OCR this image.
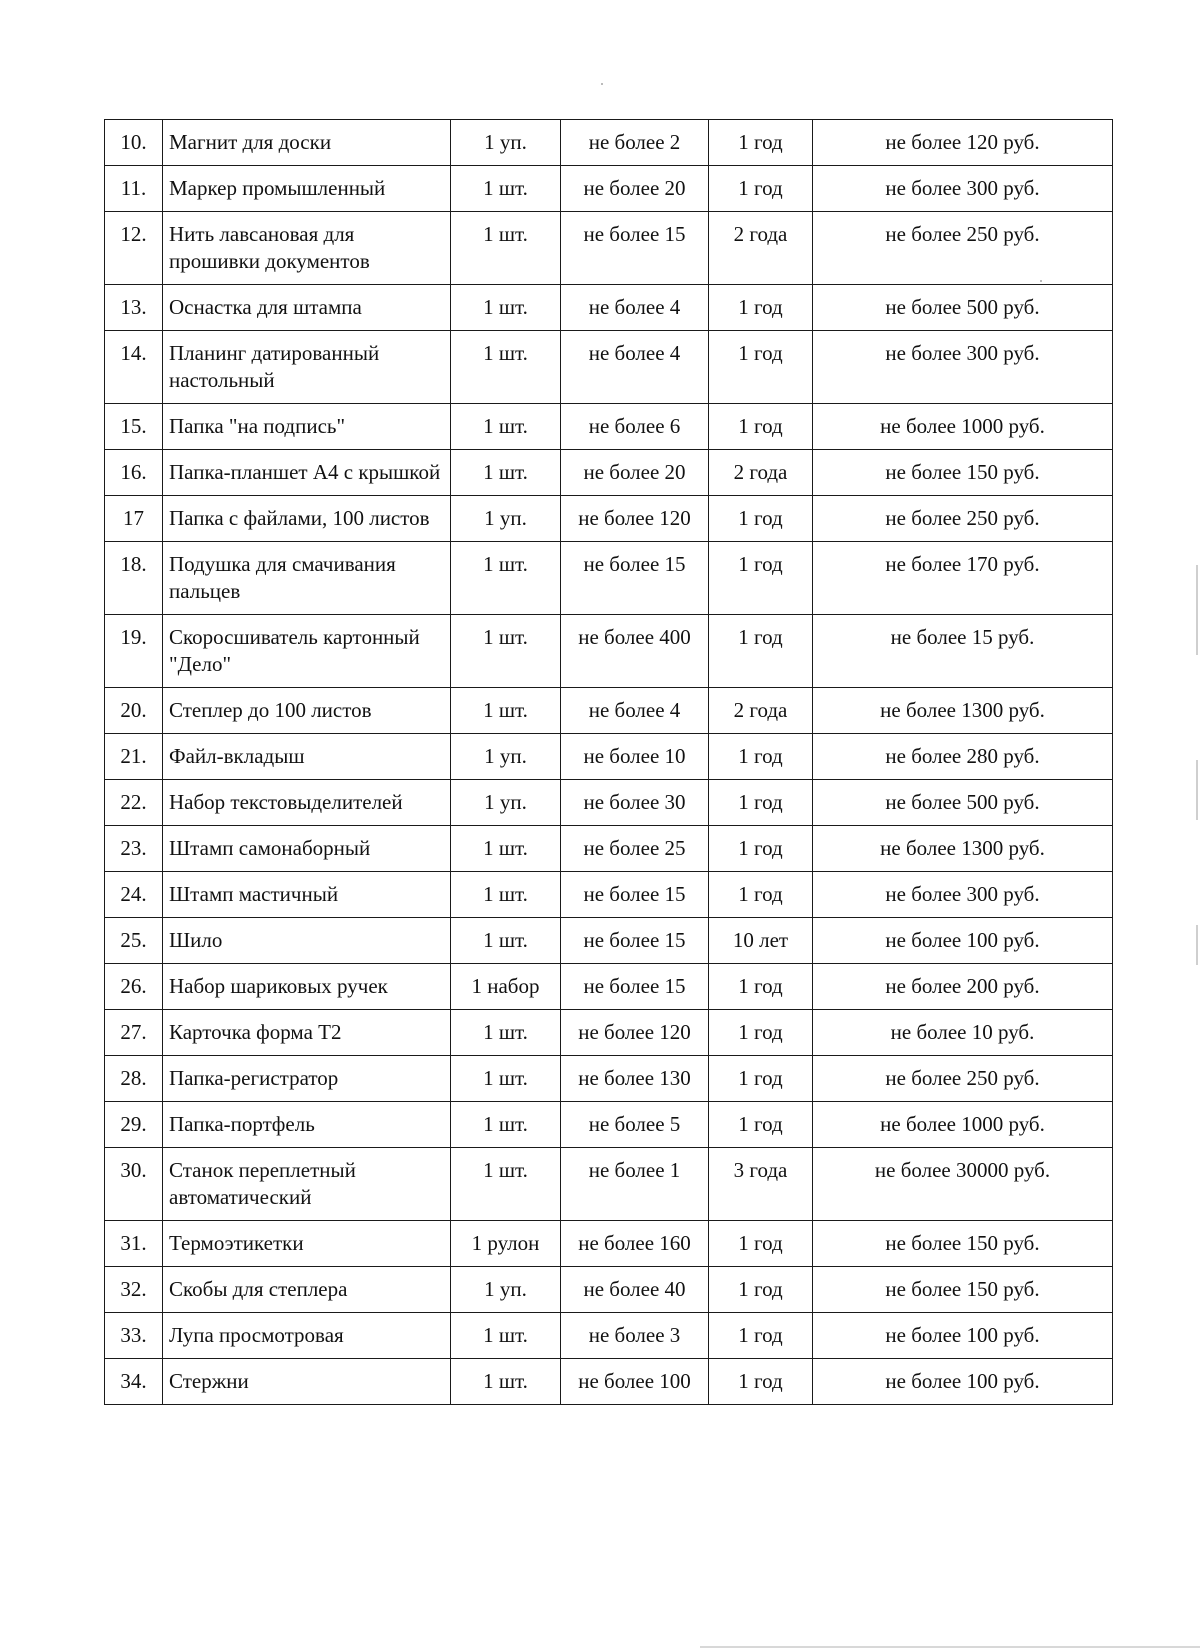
10.	Магнит для доски	1 уп.	не более 2	1 год	не более 120 руб.
11.	Маркер промышленный	1 шт.	не более 20	1 год	не более 300 руб.
12.	Нить лавсановая для прошивки документов	1 шт.	не более 15	2 года	не более 250 руб.
13.	Оснастка для штампа	1 шт.	не более 4	1 год	не более 500 руб.
14.	Планинг датированный настольный	1 шт.	не более 4	1 год	не более 300 руб.
15.	Папка "на подпись"	1 шт.	не более 6	1 год	не более 1000 руб.
16.	Папка-планшет А4 с крышкой	1 шт.	не более 20	2 года	не более 150 руб.
17	Папка с файлами, 100 листов	1 уп.	не более 120	1 год	не более 250 руб.
18.	Подушка для смачивания пальцев	1 шт.	не более 15	1 год	не более 170 руб.
19.	Скоросшиватель картонный "Дело"	1 шт.	не более 400	1 год	не более 15 руб.
20.	Степлер до 100 листов	1 шт.	не более 4	2 года	не более 1300 руб.
21.	Файл-вкладыш	1 уп.	не более 10	1 год	не более 280 руб.
22.	Набор текстовыделителей	1 уп.	не более 30	1 год	не более 500 руб.
23.	Штамп самонаборный	1 шт.	не более 25	1 год	не более 1300 руб.
24.	Штамп мастичный	1 шт.	не более 15	1 год	не более 300 руб.
25.	Шило	1 шт.	не более 15	10 лет	не более 100 руб.
26.	Набор шариковых ручек	1 набор	не более 15	1 год	не более 200 руб.
27.	Карточка форма Т2	1 шт.	не более 120	1 год	не более 10 руб.
28.	Папка-регистратор	1 шт.	не более 130	1 год	не более 250 руб.
29.	Папка-портфель	1 шт.	не более 5	1 год	не более 1000 руб.
30.	Станок переплетный автоматический	1 шт.	не более 1	3 года	не более 30000 руб.
31.	Термоэтикетки	1 рулон	не более 160	1 год	не более 150 руб.
32.	Скобы для степлера	1 уп.	не более 40	1 год	не более 150 руб.
33.	Лупа просмотровая	1 шт.	не более 3	1 год	не более 100 руб.
34.	Стержни	1 шт.	не более 100	1 год	не более 100 руб.
